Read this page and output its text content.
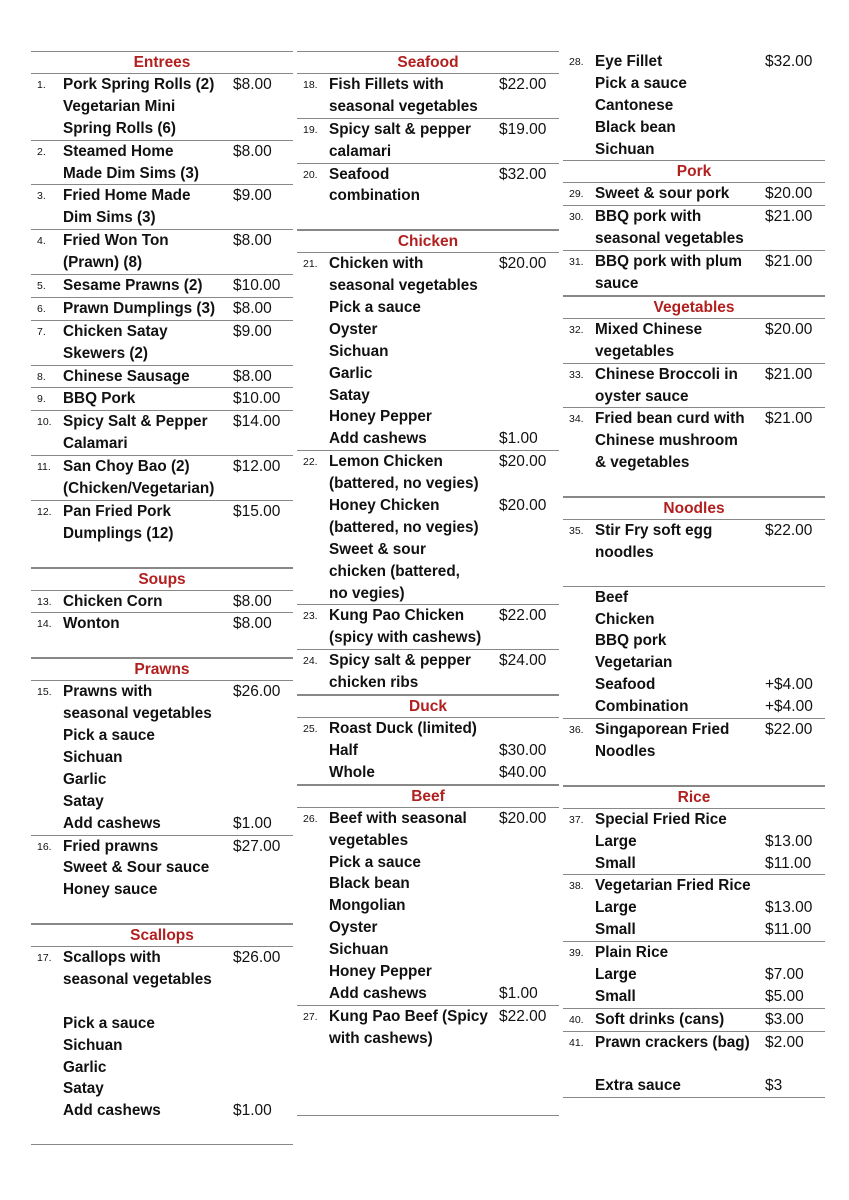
Entrees
1.	Pork Spring Rolls (2)	$8.00
Vegetarian Mini
Spring Rolls (6)
2.	Steamed Home	$8.00
Made Dim Sims (3)
3.	Fried Home Made	$9.00
Dim Sims (3)
4.	Fried Won Ton	$8.00
(Prawn) (8)
5.	Sesame Prawns (2)	$10.00
6.	Prawn Dumplings (3)	$8.00
7.	Chicken Satay	$9.00
Skewers (2)
8.	Chinese Sausage	$8.00
9.	BBQ Pork	$10.00
10. Spicy Salt & Pepper	$14.00
Calamari
11. San Choy Bao (2)	$12.00
(Chicken/Vegetarian)
12. Pan Fried Pork	$15.00
Dumplings (12)
Soups
13. Chicken Corn	$8.00
14. Wonton	$8.00
Prawns
15. Prawns with	$26.00
seasonal vegetables
Pick a sauce
Sichuan
Garlic
Satay
Add cashews	$1.00
16. Fried prawns	$27.00
Sweet & Sour sauce
Honey sauce
Scallops
17. Scallops with	$26.00
seasonal vegetables
Pick a sauce
Sichuan
Garlic
Satay
Add cashews	$1.00
Seafood
18. Fish Fillets with	$22.00
seasonal vegetables
19. Spicy salt & pepper	$19.00
calamari
20. Seafood	$32.00
combination
Chicken
21. Chicken with	$20.00
seasonal vegetables
Pick a sauce
Oyster
Sichuan
Garlic
Satay
Honey Pepper
Add cashews	$1.00
22. Lemon Chicken	$20.00
(battered, no vegies)
Honey Chicken	$20.00
(battered, no vegies)
Sweet & sour
chicken (battered,
no vegies)
23. Kung Pao Chicken	$22.00
(spicy with cashews)
24. Spicy salt & pepper	$24.00
chicken ribs
Duck
25. Roast Duck (limited)
Half	$30.00
Whole	$40.00
Beef
26. Beef with seasonal	$20.00
vegetables
Pick a sauce
Black bean
Mongolian
Oyster
Sichuan
Honey Pepper
Add cashews	$1.00
27. Kung Pao Beef (Spicy $22.00
with cashews)
28. Eye Fillet	$32.00
Pick a sauce
Cantonese
Black bean
Sichuan
Pork
29. Sweet & sour pork	$20.00
30. BBQ pork with	$21.00
seasonal vegetables
31. BBQ pork with plum	$21.00
sauce
Vegetables
32. Mixed Chinese	$20.00
vegetables
33. Chinese Broccoli in	$21.00
oyster sauce
34. Fried bean curd with	$21.00
Chinese mushroom
& vegetables
Noodles
35. Stir Fry soft egg	$22.00
noodles
Beef
Chicken
BBQ pork
Vegetarian
Seafood	+$4.00
Combination	+$4.00
36. Singaporean Fried	$22.00
Noodles
Rice
37. Special Fried Rice
Large	$13.00
Small	$11.00
38. Vegetarian Fried Rice
Large	$13.00
Small	$11.00
39. Plain Rice
Large	$7.00
Small	$5.00
40. Soft drinks (cans)	$3.00
41. Prawn crackers (bag) $2.00
Extra sauce	$3
